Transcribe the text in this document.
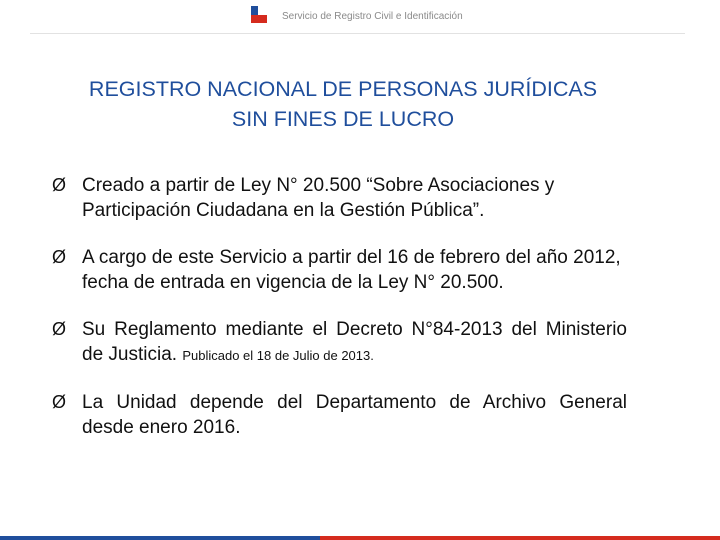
Servicio de Registro Civil e Identificación
REGISTRO NACIONAL DE PERSONAS JURÍDICAS
SIN FINES DE LUCRO
Ø Creado a partir de Ley N° 20.500 “Sobre Asociaciones y Participación Ciudadana en la Gestión Pública”.
Ø A cargo de este Servicio a partir del 16 de febrero del año 2012, fecha de entrada en vigencia de la Ley N° 20.500.
Ø Su Reglamento mediante el Decreto N°84-2013 del Ministerio de Justicia. Publicado el 18 de Julio de 2013.
Ø La Unidad depende del Departamento de Archivo General desde enero 2016.
